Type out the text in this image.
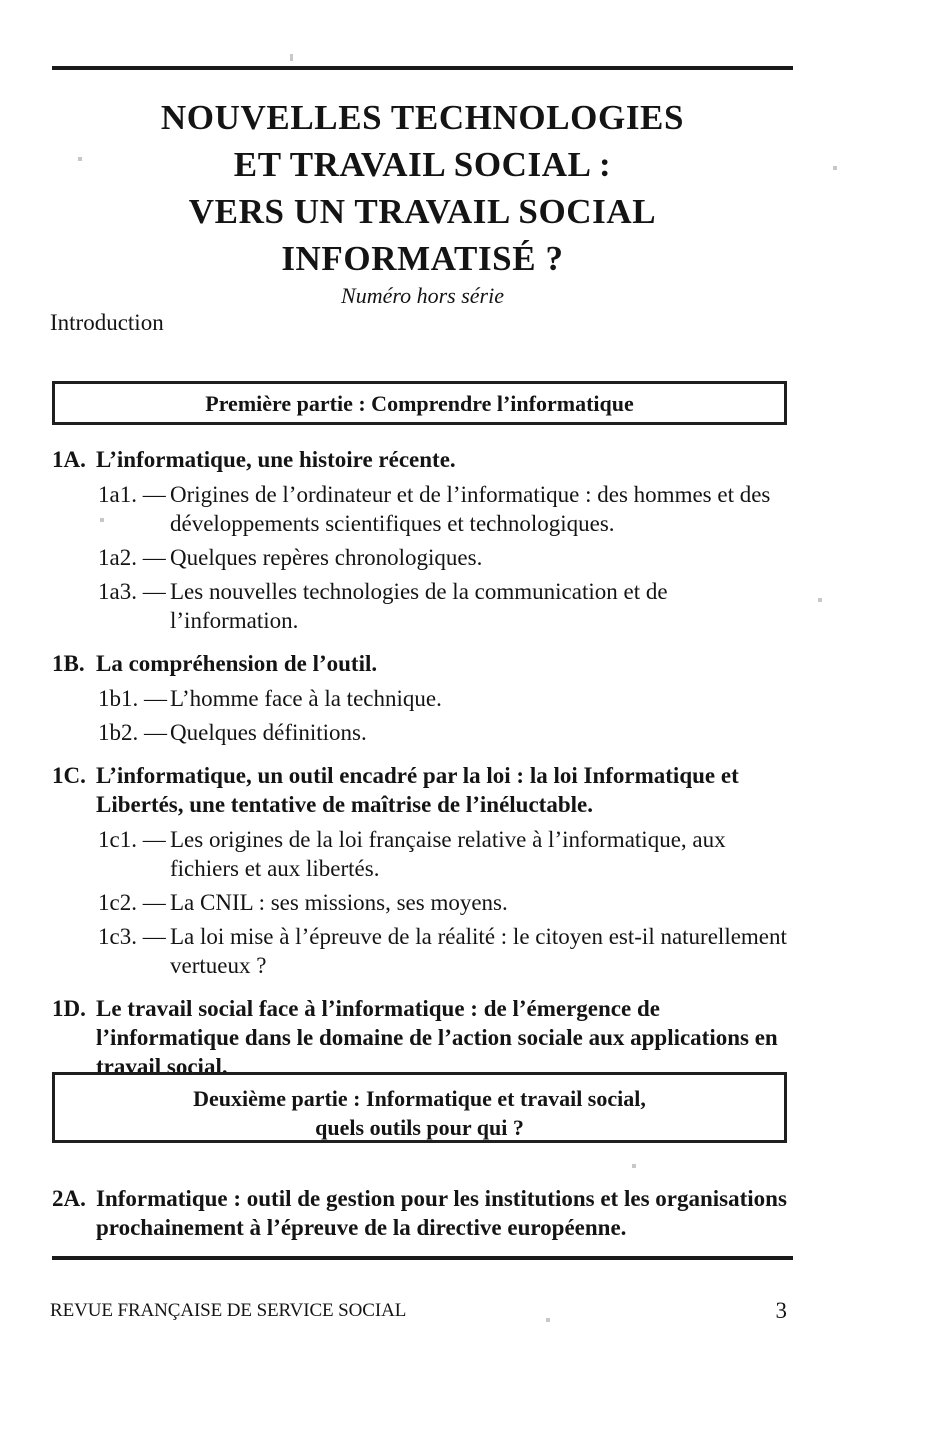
NOUVELLES TECHNOLOGIES
ET TRAVAIL SOCIAL :
VERS UN TRAVAIL SOCIAL
INFORMATISÉ ?
Numéro hors série
Introduction
Première partie : Comprendre l’informatique
1A. L’informatique, une histoire récente.
1a1. — Origines de l’ordinateur et de l’informatique : des hommes et des développements scientifiques et technologiques.
1a2. — Quelques repères chronologiques.
1a3. — Les nouvelles technologies de la communication et de l’information.
1B. La compréhension de l’outil.
1b1. — L’homme face à la technique.
1b2. — Quelques définitions.
1C. L’informatique, un outil encadré par la loi : la loi Informatique et Libertés, une tentative de maîtrise de l’inéluctable.
1c1. — Les origines de la loi française relative à l’informatique, aux fichiers et aux libertés.
1c2. — La CNIL : ses missions, ses moyens.
1c3. — La loi mise à l’épreuve de la réalité : le citoyen est-il naturellement vertueux ?
1D. Le travail social face à l’informatique : de l’émergence de l’informatique dans le domaine de l’action sociale aux applications en travail social.
Deuxième partie : Informatique et travail social,
quels outils pour qui ?
2A. Informatique : outil de gestion pour les institutions et les organisations prochainement à l’épreuve de la directive européenne.
REVUE FRANÇAISE DE SERVICE SOCIAL	3
